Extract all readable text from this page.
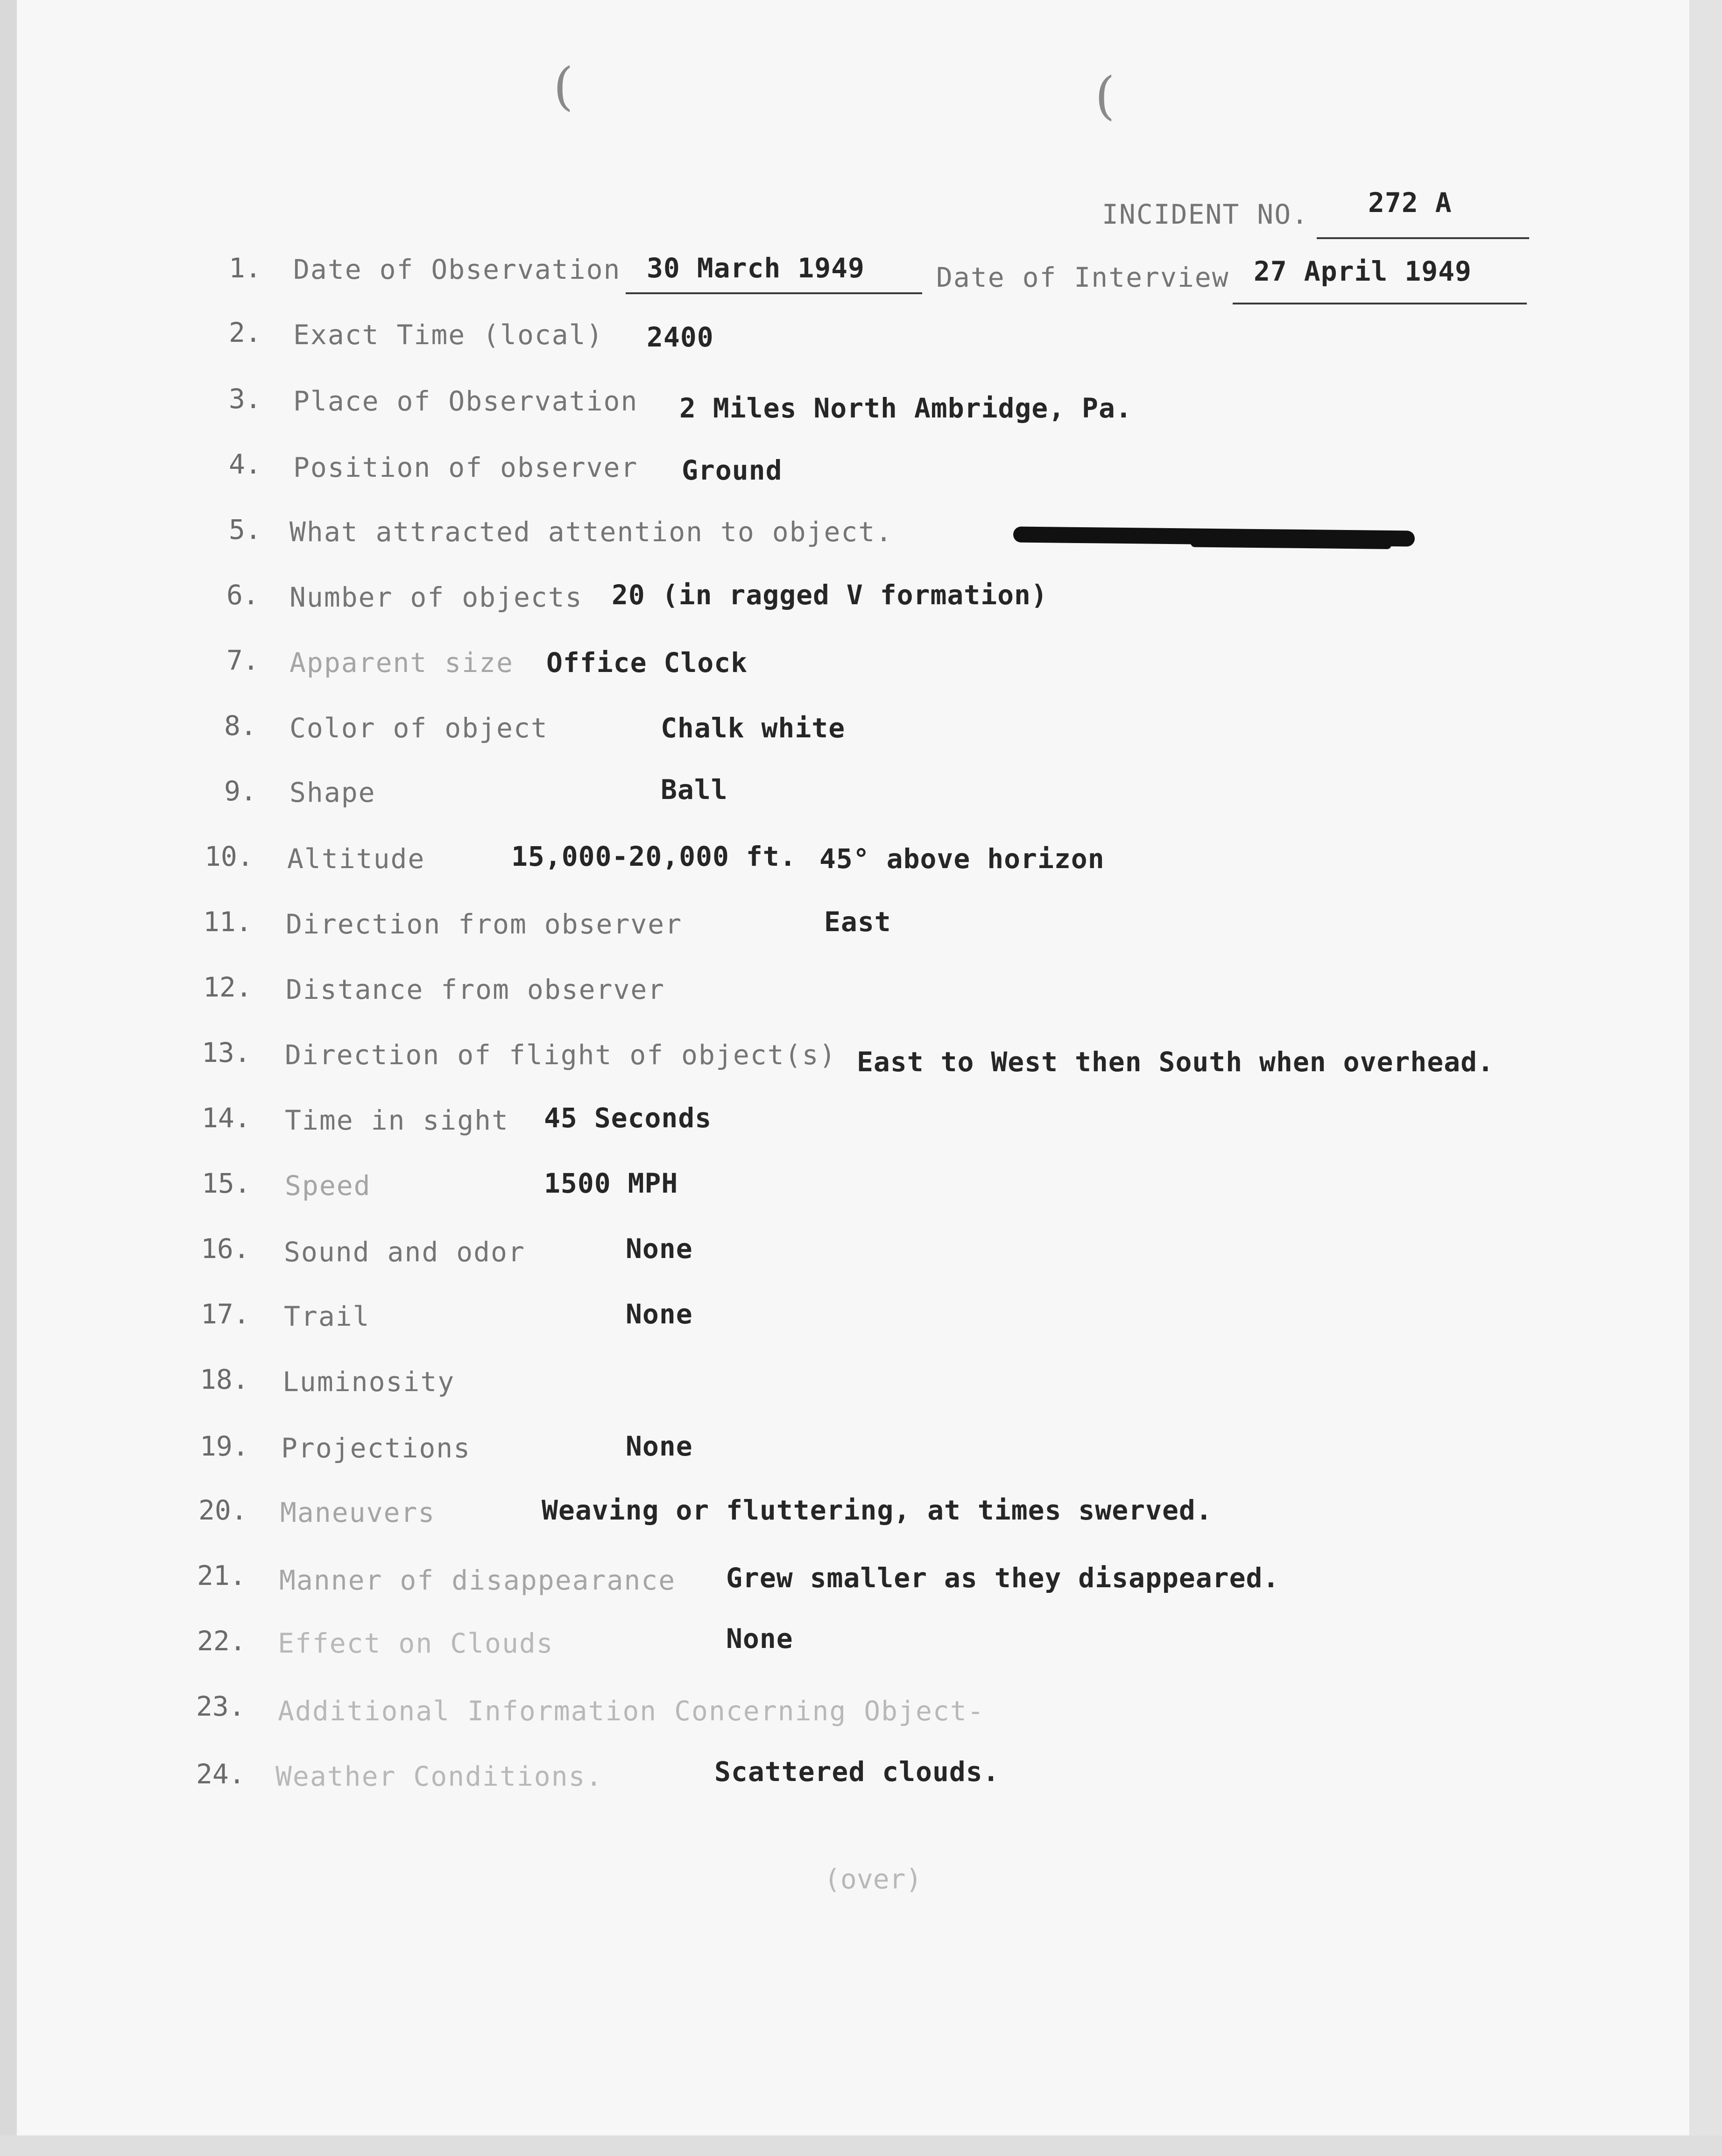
(	(
INCIDENT NO. 272 A
1. Date of Observation 30 March 1949	Date of Interview 27 April 1949
2. Exact Time (local) 2400
3. Place of Observation 2 Miles North Ambridge, Pa.
4. Position of observer Ground
5. What attracted attention to object.
6. Number of objects 20 (in ragged V formation)
7. Apparent size Office Clock
8. Color of object	Chalk white
9. Shape	Ball
10. Altitude	15,000-20,000 ft. 45° above horizon
11. Direction from observer	East
12. Distance from observer
13. Direction of flight of object(s) East to West then South when overhead.
14. Time in sight 45 Seconds
15. Speed	1500 MPH
16. Sound and odor	None
17. Trail	None
18. Luminosity
19. Projections	None
20. Maneuvers	Weaving or fluttering, at times swerved.
21. Manner of disappearance Grew smaller as they disappeared.
22. Effect on Clouds	None
23. Additional Information Concerning Object-
24. Weather Conditions.	Scattered clouds.
(over)
